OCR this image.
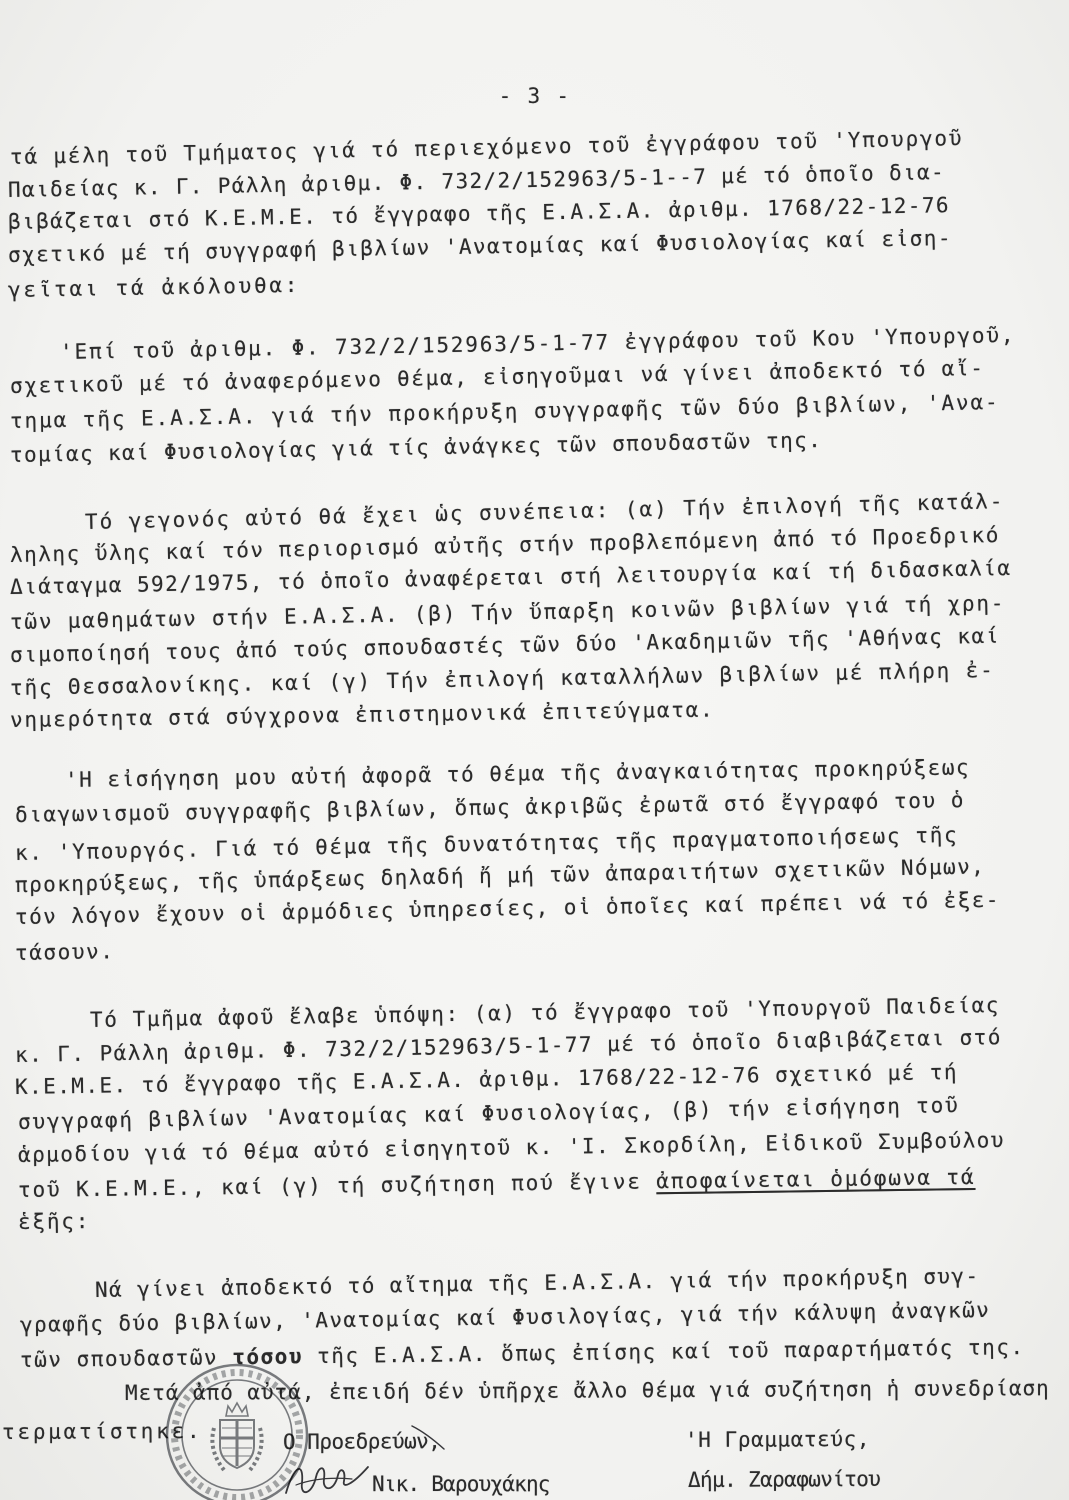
- 3 -

τά μέλη τοῦ Τμήματος γιά τό περιεχόμενο τοῦ ἐγγράφου τοῦ 'Υπουργοῦ
Παιδείας κ. Γ. Ράλλη ἀριθμ. Φ. 732/2/152963/5-1--7 μέ τό ὁποῖο δια-
βιβάζεται στό Κ.Ε.Μ.Ε. τό ἔγγραφο τῆς Ε.Α.Σ.Α. ἀριθμ. 1768/22-12-76
σχετικό μέ τή συγγραφή βιβλίων 'Ανατομίας καί Φυσιολογίας καί εἰση-
γεῖται τά ἀκόλουθα:
'Επί τοῦ ἀριθμ. Φ. 732/2/152963/5-1-77 ἐγγράφου τοῦ Κου 'Υπουργοῦ,
σχετικοῦ μέ τό ἀναφερόμενο θέμα, εἰσηγοῦμαι νά γίνει ἀποδεκτό τό αἴ-
τημα τῆς Ε.Α.Σ.Α. γιά τήν προκήρυξη συγγραφῆς τῶν δύο βιβλίων, 'Ανα-
τομίας καί Φυσιολογίας γιά τίς ἀνάγκες τῶν σπουδαστῶν της.
Τό γεγονός αὐτό θά ἔχει ὡς συνέπεια: (α) Τήν ἐπιλογή τῆς κατάλ-
ληλης ὕλης καί τόν περιορισμό αὐτῆς στήν προβλεπόμενη ἀπό τό Προεδρικό
Διάταγμα 592/1975, τό ὁποῖο ἀναφέρεται στή λειτουργία καί τή διδασκαλία
τῶν μαθημάτων στήν Ε.Α.Σ.Α. (β) Τήν ὕπαρξη κοινῶν βιβλίων γιά τή χρη-
σιμοποίησή τους ἀπό τούς σπουδαστές τῶν δύο 'Ακαδημιῶν τῆς 'Αθήνας καί
τῆς Θεσσαλονίκης. καί (γ) Τήν ἐπιλογή καταλλήλων βιβλίων μέ πλήρη ἐ-
νημερότητα στά σύγχρονα ἐπιστημονικά ἐπιτεύγματα.
'Η εἰσήγηση μου αὐτή ἀφορᾶ τό θέμα τῆς ἀναγκαιότητας προκηρύξεως
διαγωνισμοῦ συγγραφῆς βιβλίων, ὅπως ἀκριβῶς ἐρωτᾶ στό ἔγγραφό του ὁ
κ. 'Υπουργός. Γιά τό θέμα τῆς δυνατότητας τῆς πραγματοποιήσεως τῆς
προκηρύξεως, τῆς ὑπάρξεως δηλαδή ἤ μή τῶν ἀπαραιτήτων σχετικῶν Νόμων,
τόν λόγον ἔχουν οἱ ἁρμόδιες ὑπηρεσίες, οἱ ὁποῖες καί πρέπει νά τό ἐξε-
τάσουν.
Τό Τμῆμα ἀφοῦ ἔλαβε ὑπόψη: (α) τό ἔγγραφο τοῦ 'Υπουργοῦ Παιδείας
κ. Γ. Ράλλη ἀριθμ. Φ. 732/2/152963/5-1-77 μέ τό ὁποῖο διαβιβάζεται στό
Κ.Ε.Μ.Ε. τό ἔγγραφο τῆς Ε.Α.Σ.Α. ἀριθμ. 1768/22-12-76 σχετικό μέ τή
συγγραφή βιβλίων 'Ανατομίας καί Φυσιολογίας, (β) τήν εἰσήγηση τοῦ
ἁρμοδίου γιά τό θέμα αὐτό εἰσηγητοῦ κ. 'Ι. Σκορδίλη, Εἰδικοῦ Συμβούλου
τοῦ Κ.Ε.Μ.Ε., καί (γ) τή συζήτηση πού ἔγινε ἀποφαίνεται ὁμόφωνα τά
ἑξῆς:
Νά γίνει ἀποδεκτό τό αἴτημα τῆς Ε.Α.Σ.Α. γιά τήν προκήρυξη συγ-
γραφῆς δύο βιβλίων, 'Ανατομίας καί Φυσιλογίας, γιά τήν κάλυψη ἀναγκῶν
τῶν σπουδαστῶν τόσου τῆς Ε.Α.Σ.Α. ὅπως ἐπίσης καί τοῦ παραρτήματός της.
Μετά ἀπό αὐτά, ἐπειδή δέν ὑπῆρχε ἄλλο θέμα γιά συζήτηση ἡ συνεδρίαση
τερματίστηκε.	Ο Προεδρεύων,	'Η Γραμματεύς,
Νικ. Βαρουχάκης	Δήμ. Ζαραφωνίτου
